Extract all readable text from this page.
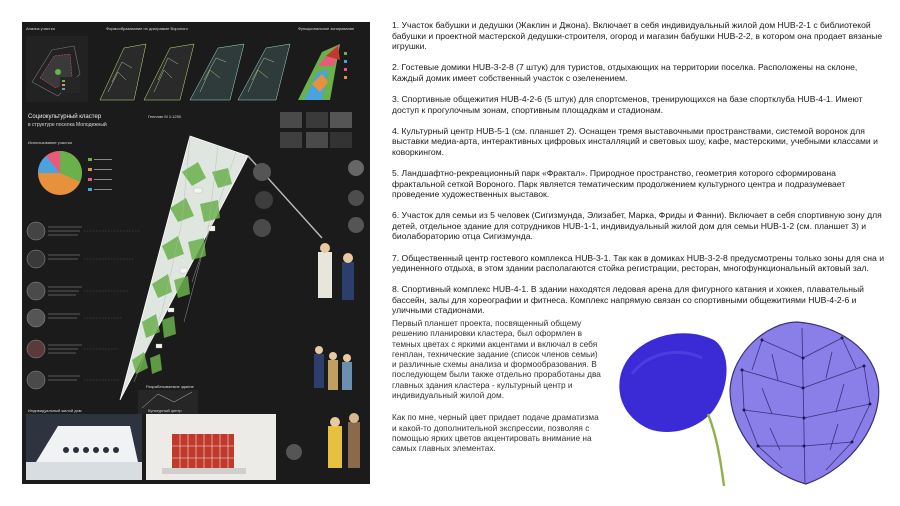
Анализ участка	Формообразование по диаграмме Вороного	Функциональное зонирование
Социокультурный кластер
в структуре поселка Молодежный
Генплан М 1:1250
Использование участка
Разрабатываемое здание
Индивидуальный жилой дом	Культурный центр

1. Участок бабушки и дедушки (Жаклин и Джона). Включает в себя индивидуальный жилой дом HUB-2-1 с библиотекой бабушки и проектной мастерской дедушки-строителя, огород и магазин бабушки HUB-2-2, в котором она продает вязаные игрушки.

2. Гостевые домики HUB-3-2-8 (7 штук) для туристов, отдыхающих на территории поселка. Расположены на склоне, Каждый домик имеет собственный участок с озеленением.

3. Спортивные общежития HUB-4-2-6 (5 штук) для спортсменов, тренирующихся на базе спортклуба HUB-4-1. Имеют доступ к прогулочным зонам, спортивным площадкам и стадионам.

4. Культурный центр HUB-5-1 (см. планшет 2). Оснащен тремя выставочными пространствами, системой воронок для выставки медиа-арта, интерактивных цифровых инсталляций и световых шоу, кафе, мастерскими, учебными классами и коворкингом.

5. Ландшафтно-рекреационный парк «Фрактал». Природное пространство, геометрия которого сформирована фрактальной сеткой Вороного. Парк является тематическим продолжением культурного центра и подразумевает проведение художественных выставок.

6. Участок для семьи из 5 человек (Сигизмунда, Элизабет, Марка, Фриды и Фанни). Включает в себя спортивную зону для детей, отдельное здание для сотрудников HUB-1-1, индивидуальный жилой дом для семьи HUB-1-2 (см. планшет 3) и биолабораторию отца Сигизмунда.

7. Общественный центр гостевого комплекса HUB-3-1. Так как в домиках HUB-3-2-8 предусмотрены только зоны для сна и уединенного отдыха, в этом здании располагаются стойка регистрации, ресторан, многофункциональный актовый зал.

8. Спортивный комплекс HUB-4-1. В здании находятся ледовая арена для фигурного катания и хоккея, плавательный бассейн, залы для хореографии и фитнеса. Комплекс напрямую связан со спортивными общежитиями HUB-4-2-6 и уличными стадионами.

Первый планшет проекта, посвященный общему решению планировки кластера, был оформлен в темных цветах с яркими акцентами и включал в себя генплан, технические задание (список членов семьи) и различные схемы анализа и формообразования. В последующем были также отдельно проработаны два главных здания кластера - культурный центр и индивидуальный жилой дом.

Как по мне, черный цвет придает подаче драматизма и какой-то дополнительной экспрессии, позволяя с помощью ярких цветов акцентировать внимание на самых главных элементах.
